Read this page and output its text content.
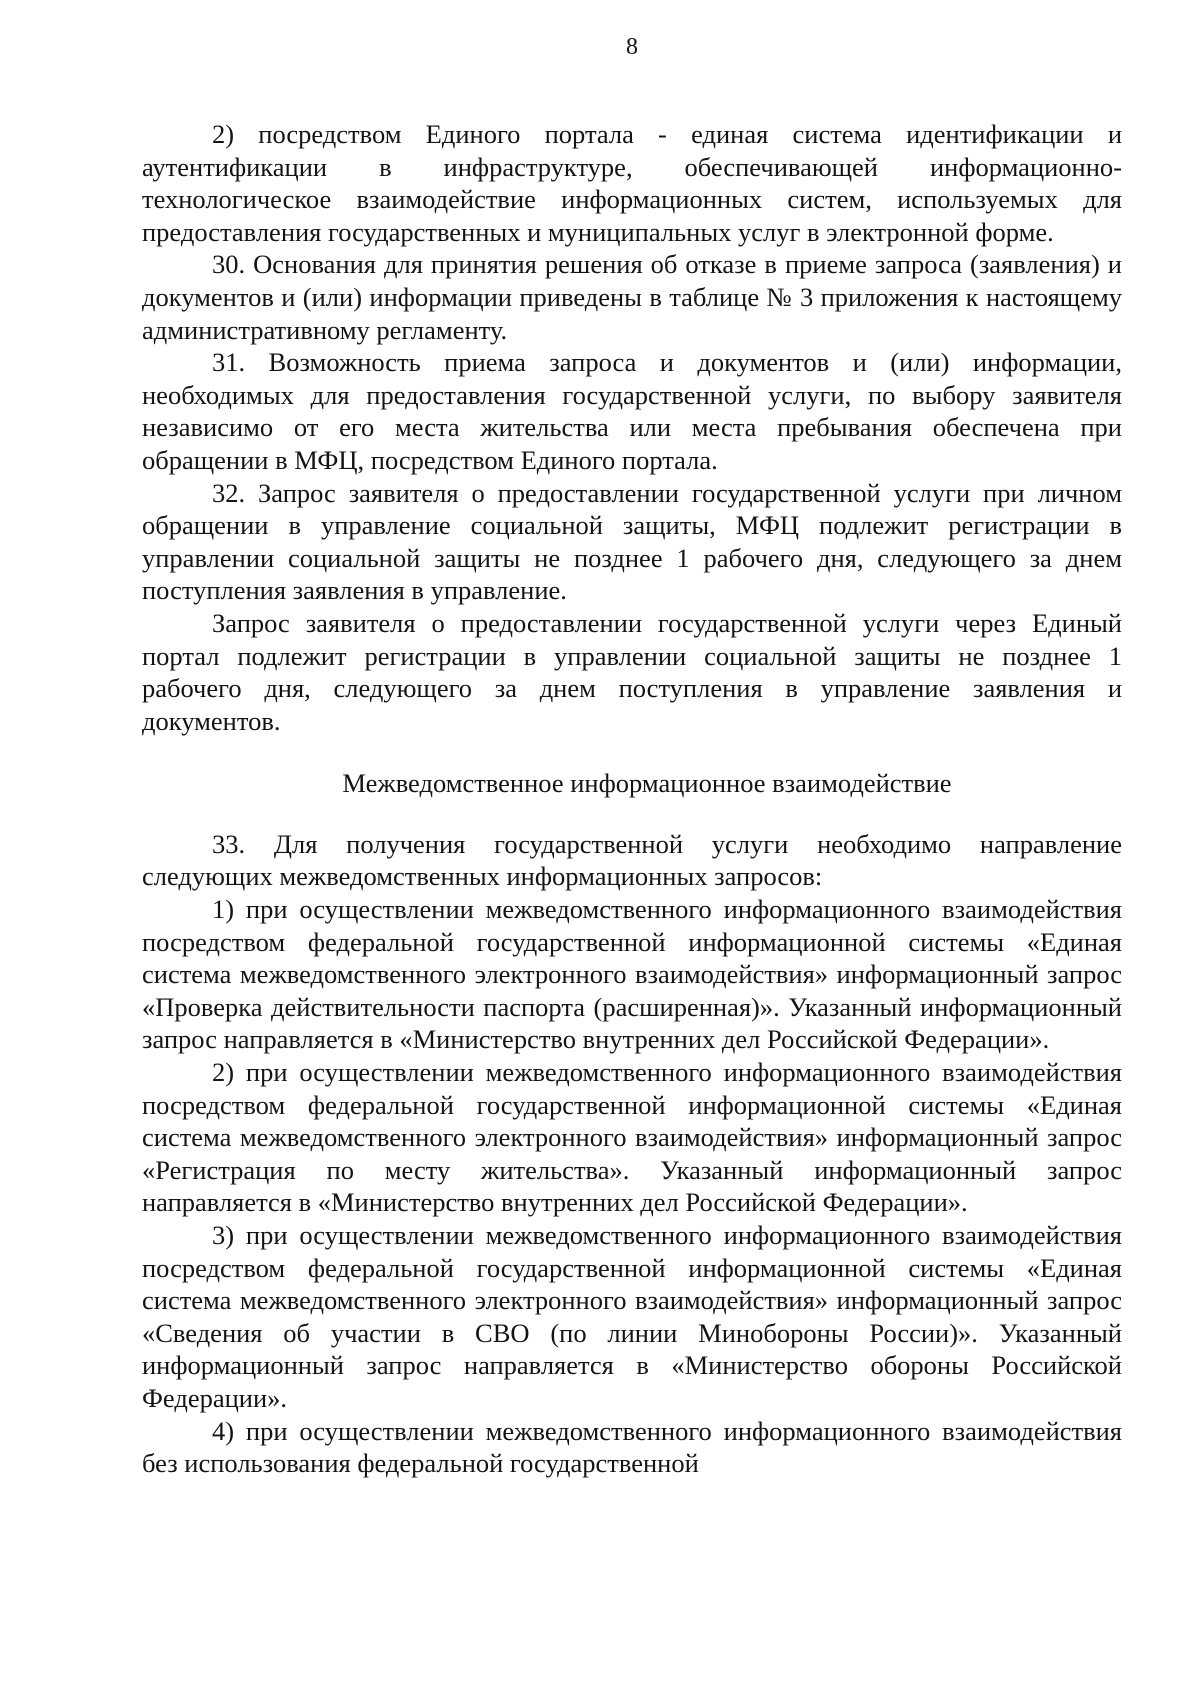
8

2) посредством Единого портала - единая система идентификации и аутентификации в инфраструктуре, обеспечивающей информационно-технологическое взаимодействие информационных систем, используемых для предоставления государственных и муниципальных услуг в электронной форме.

30. Основания для принятия решения об отказе в приеме запроса (заявления) и документов и (или) информации приведены в таблице № 3 приложения к настоящему административному регламенту.

31. Возможность приема запроса и документов и (или) информации, необходимых для предоставления государственной услуги, по выбору заявителя независимо от его места жительства или места пребывания обеспечена при обращении в МФЦ, посредством Единого портала.

32. Запрос заявителя о предоставлении государственной услуги при личном обращении в управление социальной защиты, МФЦ подлежит регистрации в управлении социальной защиты не позднее 1 рабочего дня, следующего за днем поступления заявления в управление.

Запрос заявителя о предоставлении государственной услуги через Единый портал подлежит регистрации в управлении социальной защиты не позднее 1 рабочего дня, следующего за днем поступления в управление заявления и документов.

Межведомственное информационное взаимодействие

33. Для получения государственной услуги необходимо направление следующих межведомственных информационных запросов:

1) при осуществлении межведомственного информационного взаимодействия посредством федеральной государственной информационной системы «Единая система межведомственного электронного взаимодействия» информационный запрос «Проверка действительности паспорта (расширенная)». Указанный информационный запрос направляется в «Министерство внутренних дел Российской Федерации».

2) при осуществлении межведомственного информационного взаимодействия посредством федеральной государственной информационной системы «Единая система межведомственного электронного взаимодействия» информационный запрос «Регистрация по месту жительства». Указанный информационный запрос направляется в «Министерство внутренних дел Российской Федерации».

3) при осуществлении межведомственного информационного взаимодействия посредством федеральной государственной информационной системы «Единая система межведомственного электронного взаимодействия» информационный запрос «Сведения об участии в СВО (по линии Минобороны России)». Указанный информационный запрос направляется в «Министерство обороны Российской Федерации».

4) при осуществлении межведомственного информационного взаимодействия без использования федеральной государственной
